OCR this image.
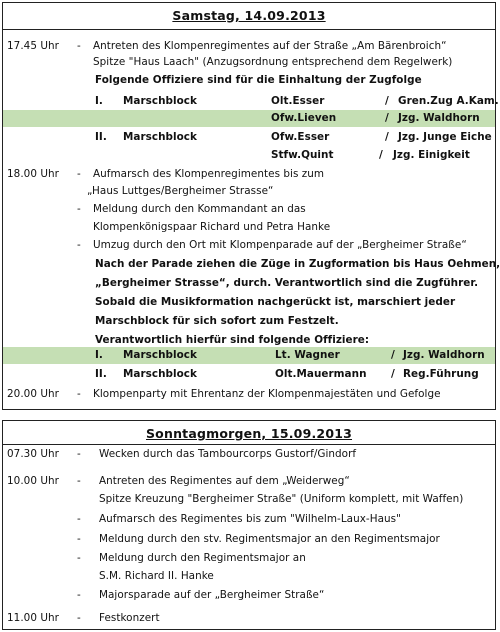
Samstag, 14.09.2013
17.45 Uhr - Antreten des Klompenregimentes auf der Straße „Am Bärenbroich“
Spitze "Haus Laach" (Anzugsordnung entsprechend dem Regelwerk)
Folgende Offiziere sind für die Einhaltung der Zugfolge
I. Marschblock	Olt.Esser	/ Gren.Zug A.Kam.
Ofw.Lieven	/ Jzg. Waldhorn
II. Marschblock	Ofw.Esser	/ Jzg. Junge Eiche
Stfw.Quint	/ Jzg. Einigkeit
18.00 Uhr - Aufmarsch des Klompenregimentes bis zum
„Haus Luttges/Bergheimer Strasse“
- Meldung durch den Kommandant an das
Klompenkönigspaar Richard und Petra Hanke
- Umzug durch den Ort mit Klompenparade auf der „Bergheimer Straße“
Nach der Parade ziehen die Züge in Zugformation bis Haus Oehmen,
„Bergheimer Strasse“, durch. Verantwortlich sind die Zugführer.
Sobald die Musikformation nachgerückt ist, marschiert jeder
Marschblock für sich sofort zum Festzelt.
Verantwortlich hierfür sind folgende Offiziere:
I. Marschblock	Lt. Wagner	/ Jzg. Waldhorn
II. Marschblock	Olt.Mauermann / Reg.Führung
20.00 Uhr - Klompenparty mit Ehrentanz der Klompenmajestäten und Gefolge
Sonntagmorgen, 15.09.2013
07.30 Uhr - Wecken durch das Tambourcorps Gustorf/Gindorf
10.00 Uhr - Antreten des Regimentes auf dem „Weiderweg“
Spitze Kreuzung "Bergheimer Straße" (Uniform komplett, mit Waffen)
- Aufmarsch des Regimentes bis zum "Wilhelm-Laux-Haus"
- Meldung durch den stv. Regimentsmajor an den Regimentsmajor
- Meldung durch den Regimentsmajor an
S.M. Richard II. Hanke
- Majorsparade auf der „Bergheimer Straße“
11.00 Uhr - Festkonzert
